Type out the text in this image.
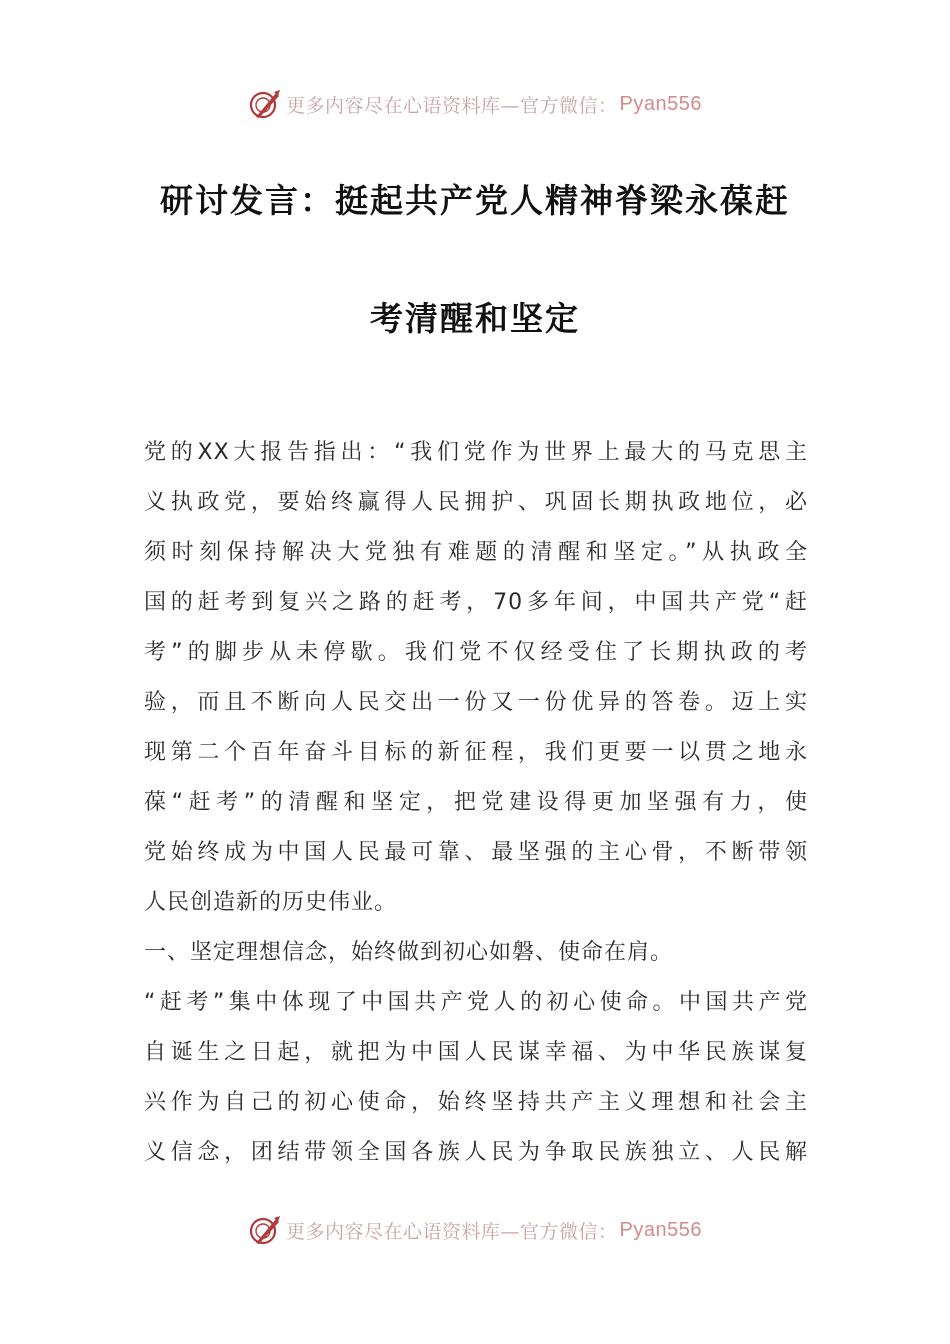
更多内容尽在心语资料库—官方微信： Pyan556
研讨发言：挺起共产党人精神脊梁永葆赶
考清醒和坚定
党的XX大报告指出：“我们党作为世界上最大的马克思主
义执政党，要始终赢得人民拥护、巩固长期执政地位，必
须时刻保持解决大党独有难题的清醒和坚定。”从执政全
国的赶考到复兴之路的赶考，70多年间，中国共产党“赶
考”的脚步从未停歇。我们党不仅经受住了长期执政的考
验，而且不断向人民交出一份又一份优异的答卷。迈上实
现第二个百年奋斗目标的新征程，我们更要一以贯之地永
葆“赶考”的清醒和坚定，把党建设得更加坚强有力，使
党始终成为中国人民最可靠、最坚强的主心骨，不断带领
人民创造新的历史伟业。
一、坚定理想信念，始终做到初心如磐、使命在肩。
“赶考”集中体现了中国共产党人的初心使命。中国共产党
自诞生之日起，就把为中国人民谋幸福、为中华民族谋复
兴作为自己的初心使命，始终坚持共产主义理想和社会主
义信念，团结带领全国各族人民为争取民族独立、人民解
更多内容尽在心语资料库—官方微信： Pyan556
